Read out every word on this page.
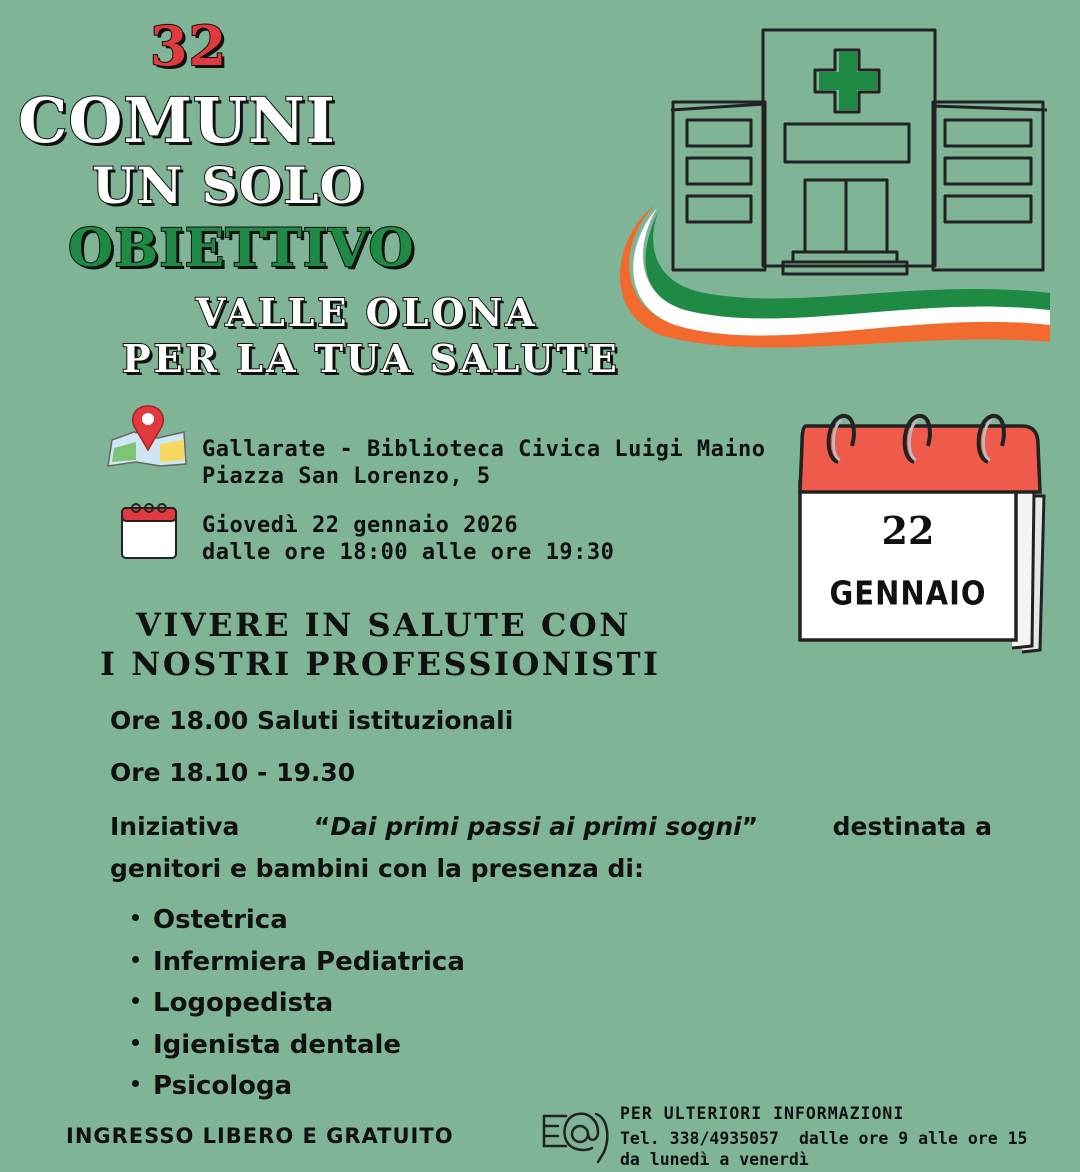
32
COMUNI
UN SOLO
OBIETTIVO
VALLE OLONA
PER LA TUA SALUTE
Gallarate - Biblioteca Civica Luigi Maino
Piazza San Lorenzo, 5
Giovedì 22 gennaio 2026
dalle ore 18:00 alle ore 19:30	22
GENNAIO
VIVERE IN SALUTE CON
I NOSTRI PROFESSIONISTI
Ore 18.00 Saluti istituzionali
Ore 18.10 - 19.30
Iniziativa	“Dai primi passi ai primi sogni”	destinata a
genitori e bambini con la presenza di:
Ostetrica
Infermiera Pediatrica
Logopedista
Igienista dentale
Psicologa
INGRESSO LIBERO E GRATUITO
PER ULTERIORI INFORMAZIONI
Tel. 338/4935057 dalle ore 9 alle ore 15
da lunedì a venerdì
